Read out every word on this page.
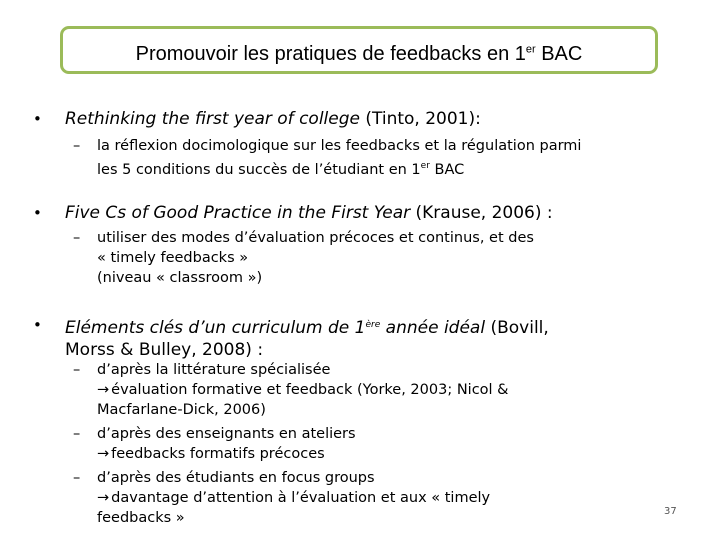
Promouvoir les pratiques de feedbacks en 1er BAC
• Rethinking the first year of college (Tinto, 2001):
– la réflexion docimologique sur les feedbacks et la régulation parmi
les 5 conditions du succès de l’étudiant en 1er BAC
• Five Cs of Good Practice in the First Year (Krause, 2006) :
– utiliser des modes d’évaluation précoces et continus, et des
« timely feedbacks »
(niveau « classroom »)
• Eléments clés d’un curriculum de 1ère année idéal (Bovill,
Morss & Bulley, 2008) :
– d’après la littérature spécialisée
→ évaluation formative et feedback (Yorke, 2003; Nicol &
Macfarlane-Dick, 2006)
– d’après des enseignants en ateliers
→ feedbacks formatifs précoces
– d’après des étudiants en focus groups
→ davantage d’attention à l’évaluation et aux « timely
feedbacks »	37
